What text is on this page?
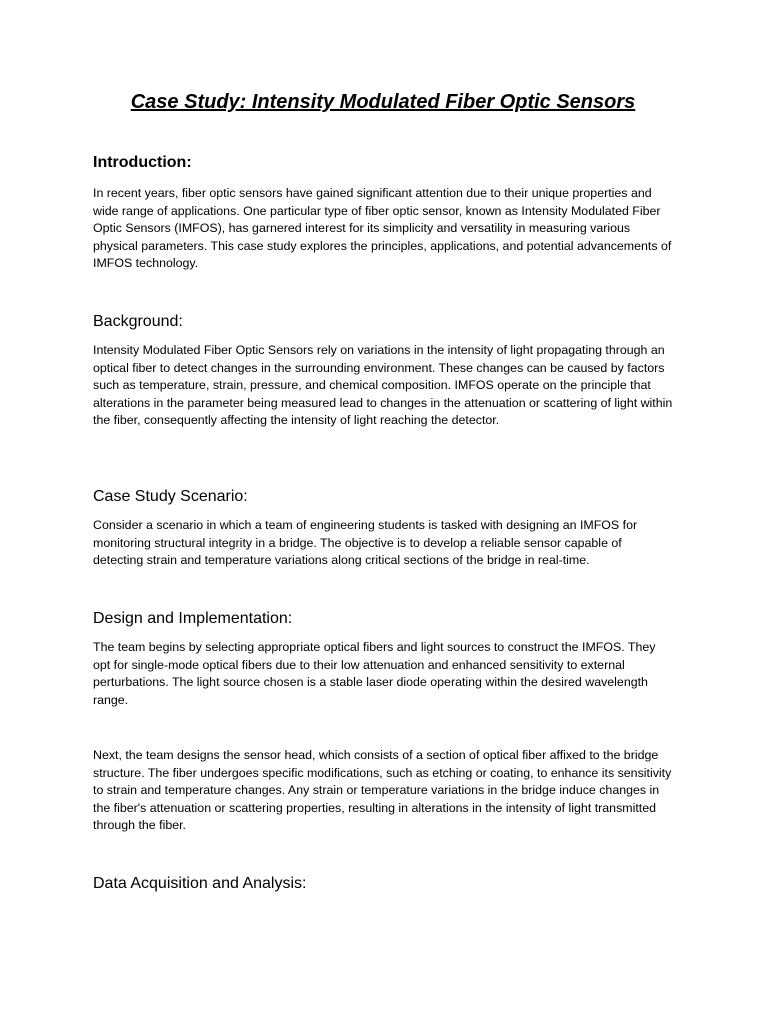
Case Study: Intensity Modulated Fiber Optic Sensors
Introduction:

In recent years, fiber optic sensors have gained significant attention due to their unique properties and wide range of applications. One particular type of fiber optic sensor, known as Intensity Modulated Fiber Optic Sensors (IMFOS), has garnered interest for its simplicity and versatility in measuring various physical parameters. This case study explores the principles, applications, and potential advancements of IMFOS technology.

Background:

Intensity Modulated Fiber Optic Sensors rely on variations in the intensity of light propagating through an optical fiber to detect changes in the surrounding environment. These changes can be caused by factors such as temperature, strain, pressure, and chemical composition. IMFOS operate on the principle that alterations in the parameter being measured lead to changes in the attenuation or scattering of light within the fiber, consequently affecting the intensity of light reaching the detector.

Case Study Scenario:

Consider a scenario in which a team of engineering students is tasked with designing an IMFOS for monitoring structural integrity in a bridge. The objective is to develop a reliable sensor capable of detecting strain and temperature variations along critical sections of the bridge in real-time.

Design and Implementation:

The team begins by selecting appropriate optical fibers and light sources to construct the IMFOS. They opt for single-mode optical fibers due to their low attenuation and enhanced sensitivity to external perturbations. The light source chosen is a stable laser diode operating within the desired wavelength range.

Next, the team designs the sensor head, which consists of a section of optical fiber affixed to the bridge structure. The fiber undergoes specific modifications, such as etching or coating, to enhance its sensitivity to strain and temperature changes. Any strain or temperature variations in the bridge induce changes in the fiber's attenuation or scattering properties, resulting in alterations in the intensity of light transmitted through the fiber.

Data Acquisition and Analysis:
